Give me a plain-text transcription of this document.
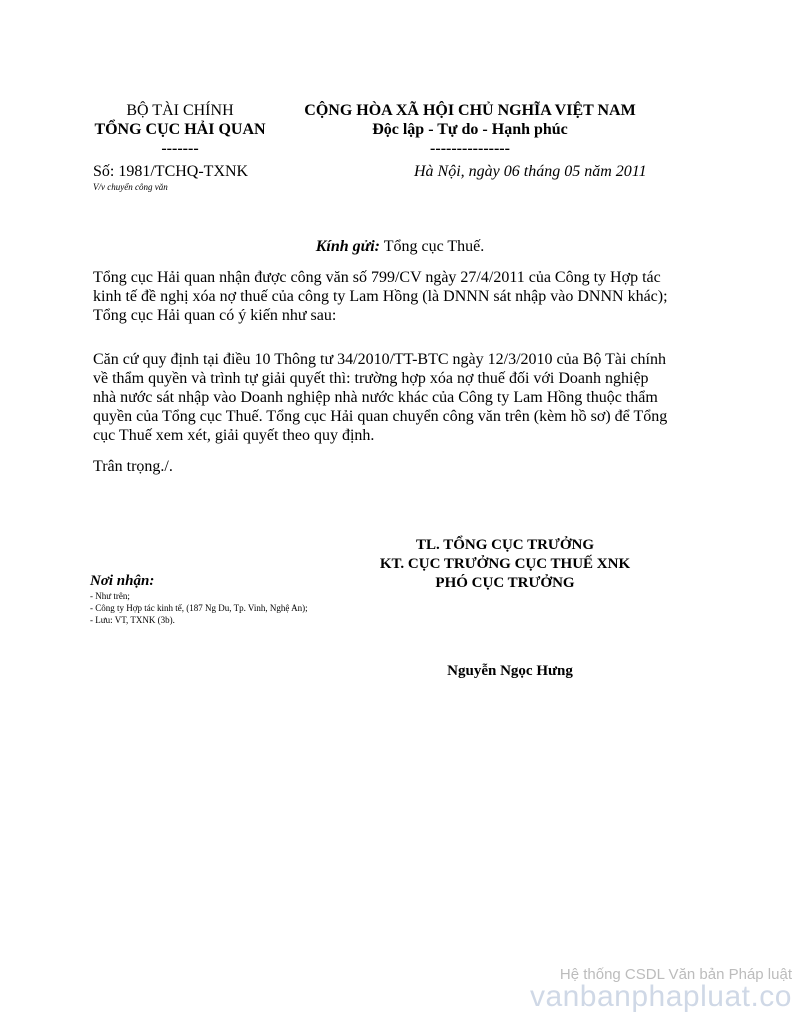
BỘ TÀI CHÍNH
TỔNG CỤC HẢI QUAN
-------
CỘNG HÒA XÃ HỘI CHỦ NGHĨA VIỆT NAM
Độc lập - Tự do - Hạnh phúc
---------------
Số: 1981/TCHQ-TXNK
V/v chuyển công văn
Hà Nội, ngày 06 tháng 05 năm 2011
Kính gửi: Tổng cục Thuế.
Tổng cục Hải quan nhận được công văn số 799/CV ngày 27/4/2011 của Công ty Hợp tác kinh tế đề nghị xóa nợ thuế của công ty Lam Hồng (là DNNN sát nhập vào DNNN khác); Tổng cục Hải quan có ý kiến như sau:
Căn cứ quy định tại điều 10 Thông tư 34/2010/TT-BTC ngày 12/3/2010 của Bộ Tài chính về thẩm quyền và trình tự giải quyết thì: trường hợp xóa nợ thuế đối với Doanh nghiệp nhà nước sát nhập vào Doanh nghiệp nhà nước khác của Công ty Lam Hồng thuộc thẩm quyền của Tổng cục Thuế. Tổng cục Hải quan chuyển công văn trên (kèm hồ sơ) để Tổng cục Thuế xem xét, giải quyết theo quy định.
Trân trọng./.
TL. TỔNG CỤC TRƯỞNG
KT. CỤC TRƯỞNG CỤC THUẾ XNK
PHÓ CỤC TRƯỞNG
Nơi nhận:
- Như trên;
- Công ty Hợp tác kinh tế, (187 Ng Du, Tp. Vinh, Nghệ An);
- Lưu: VT, TXNK (3b).
Nguyễn Ngọc Hưng
Hệ thống CSDL Văn bản Pháp luật
vanbanphapluat.co
